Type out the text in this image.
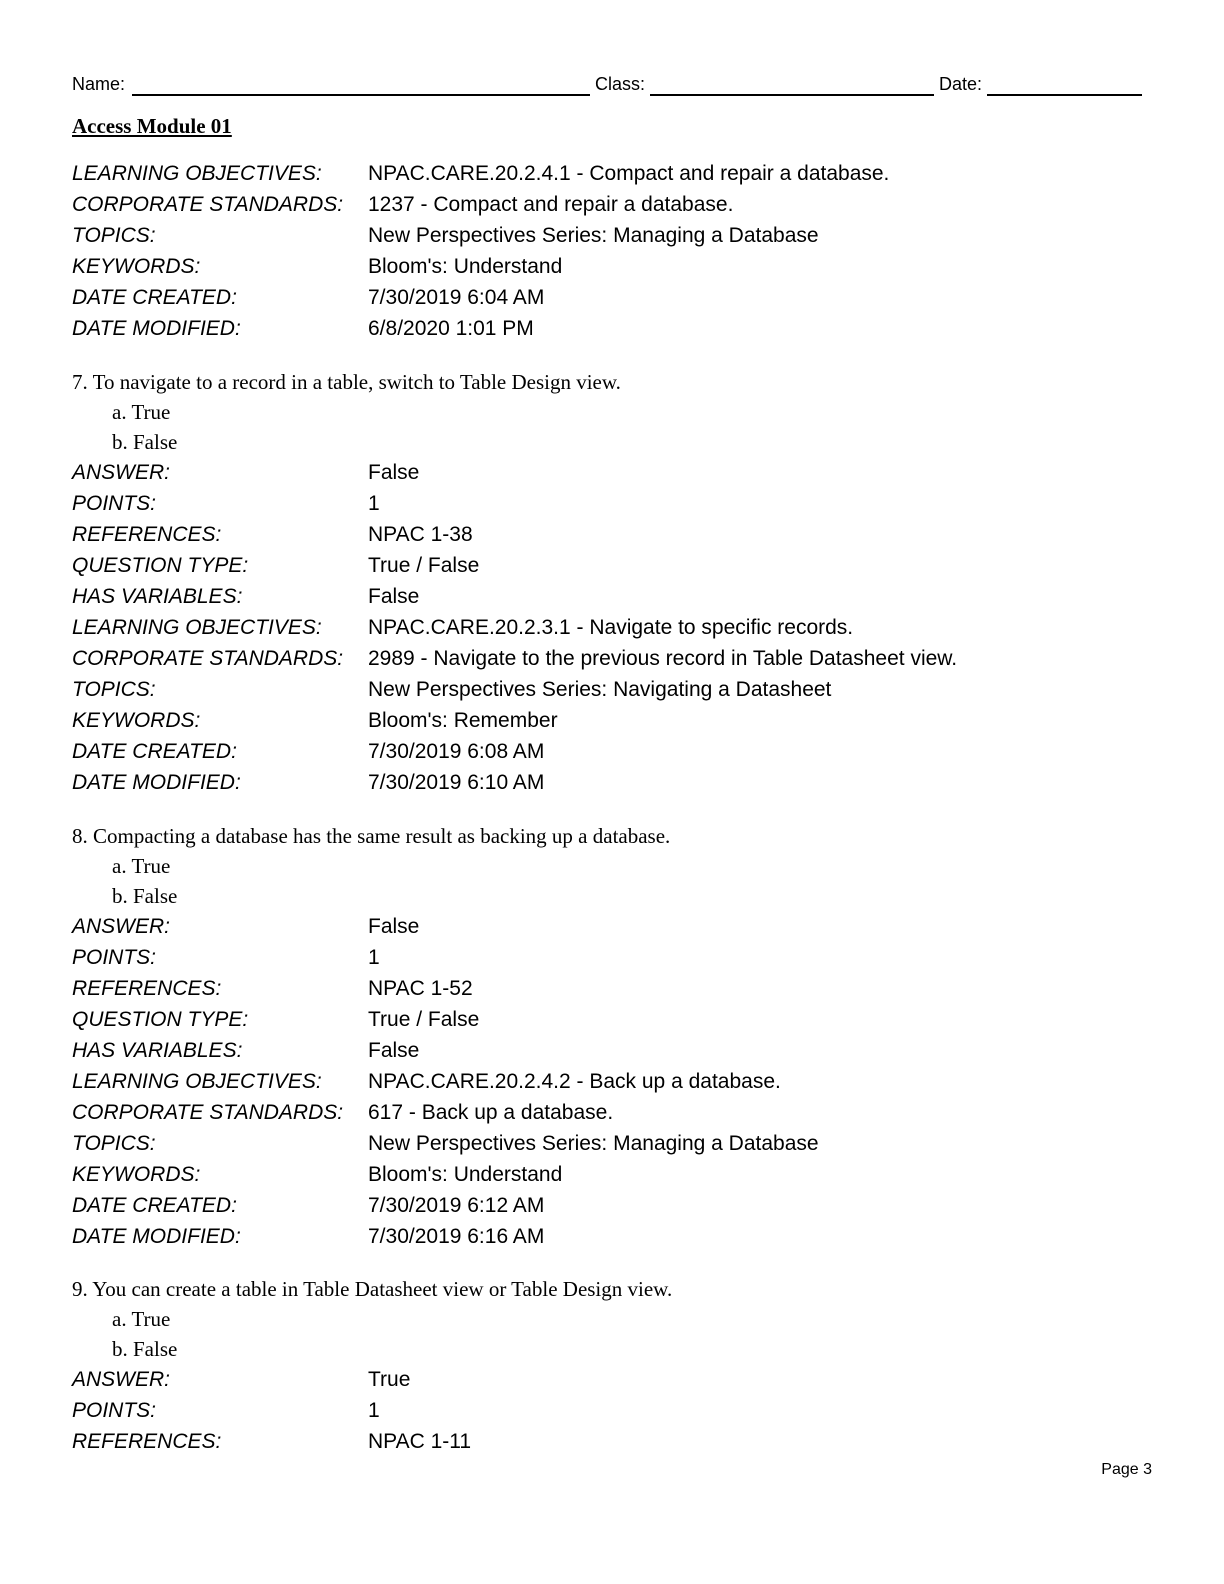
Name:	Class:	Date:
Access Module 01
LEARNING OBJECTIVES: NPAC.CARE.20.2.4.1 - Compact and repair a database.
CORPORATE STANDARDS: 1237 - Compact and repair a database.
TOPICS:	New Perspectives Series: Managing a Database
KEYWORDS:	Bloom's: Understand
DATE CREATED:	7/30/2019 6:04 AM
DATE MODIFIED:	6/8/2020 1:01 PM
7. To navigate to a record in a table, switch to Table Design view.
a. True
b. False
ANSWER:	False
POINTS:	1
REFERENCES:	NPAC 1-38
QUESTION TYPE:	True / False
HAS VARIABLES:	False
LEARNING OBJECTIVES: NPAC.CARE.20.2.3.1 - Navigate to specific records.
CORPORATE STANDARDS: 2989 - Navigate to the previous record in Table Datasheet view.
TOPICS:	New Perspectives Series: Navigating a Datasheet
KEYWORDS:	Bloom's: Remember
DATE CREATED:	7/30/2019 6:08 AM
DATE MODIFIED:	7/30/2019 6:10 AM
8. Compacting a database has the same result as backing up a database.
a. True
b. False
ANSWER:	False
POINTS:	1
REFERENCES:	NPAC 1-52
QUESTION TYPE:	True / False
HAS VARIABLES:	False
LEARNING OBJECTIVES: NPAC.CARE.20.2.4.2 - Back up a database.
CORPORATE STANDARDS: 617 - Back up a database.
TOPICS:	New Perspectives Series: Managing a Database
KEYWORDS:	Bloom's: Understand
DATE CREATED:	7/30/2019 6:12 AM
DATE MODIFIED:	7/30/2019 6:16 AM
9. You can create a table in Table Datasheet view or Table Design view.
a. True
b. False
ANSWER:	True
POINTS:	1
REFERENCES:	NPAC 1-11
Page 3
